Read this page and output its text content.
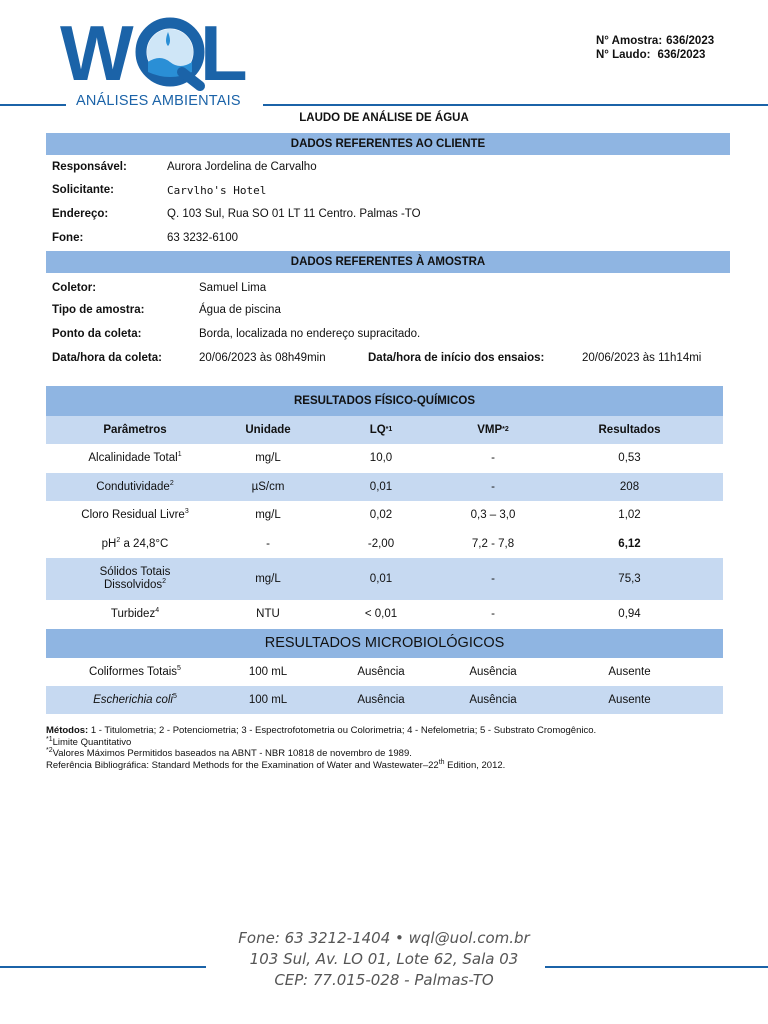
W L
ANÁLISES AMBIENTAIS
N° Amostra: 636/2023
N° Laudo: 636/2023
LAUDO DE ANÁLISE DE ÁGUA
DADOS REFERENTES AO CLIENTE
Responsável:	Aurora Jordelina de Carvalho
Solicitante:	Carvlho's Hotel
Endereço:	Q. 103 Sul, Rua SO 01 LT 11 Centro. Palmas -TO
Fone:	63 3232-6100
DADOS REFERENTES À AMOSTRA
Coletor:	Samuel Lima
Tipo de amostra:	Água de piscina
Ponto da coleta:	Borda, localizada no endereço supracitado.
Data/hora da coleta:	20/06/2023 às 08h49min	Data/hora de início dos ensaios:	20/06/2023 às 11h14mi
RESULTADOS FÍSICO-QUÍMICOS
Parâmetros	Unidade	LQ *1	VMP *2	Resultados
Alcalinidade Total$^1$	mg/L	10,0	-	0,53
Condutividade$^2$	µS/cm	0,01	-	208
Cloro Residual Livre$^3$	mg/L	0,02	0,3 – 3,0	1,02
$pH^2$ a 24,8°C	-	-2,00	7,2 - 7,8	6,12
Sólidos Totais
Dissolvidos$^2$	mg/L	0,01	-	75,3
Turbidez$^4$	NTU	< 0,01	-	0,94
RESULTADOS MICROBIOLÓGICOS
Coliformes Totais$^5$	100 mL	Ausência	Ausência	Ausente
Escherichia coli$^5$	100 mL	Ausência	Ausência	Ausente
Métodos: 1 - Titulometria; 2 - Potenciometria; 3 - Espectrofotometria ou Colorimetria; 4 - Nefelometria; 5 - Substrato Cromogênico.
$^{*1}$Limite Quantitativo
$^{*2}$Valores Máximos Permitidos baseados na ABNT - NBR 10818 de novembro de 1989.
Referência Bibliográfica: Standard Methods for the Examination of Water and Wastewater–22th Edition, 2012.
Fone: 63 3212-1404 • wql@uol.com.br
103 Sul, Av. LO 01, Lote 62, Sala 03
CEP: 77.015-028 - Palmas-TO
